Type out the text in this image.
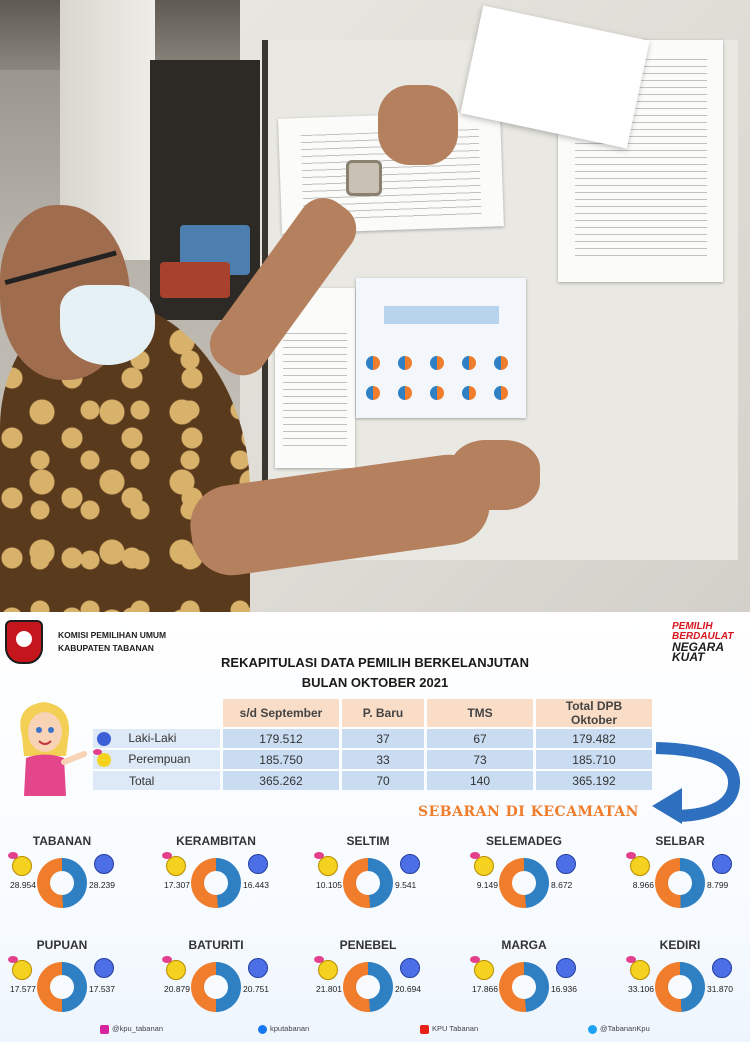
KOMISI PEMILIHAN UMUM
KABUPATEN TABANAN
PEMILIH
BERDAULAT
NEGARA
KUAT
REKAPITULASI DATA PEMILIH BERKELANJUTAN
BULAN OKTOBER 2021
	s/d September	P. Baru	TMS	Total DPB Oktober
Laki-Laki	179.512	37	67	179.482
Perempuan	185.750	33	73	185.710
Total	365.262	70	140	365.192
SEBARAN DI KECAMATAN
TABANAN
28.954	28.239
KERAMBITAN
17.307	16.443
SELTIM
10.105	9.541
SELEMADEG
9.149	8.672
SELBAR
8.966	8.799
PUPUAN
17.577	17.537
BATURITI
20.879	20.751
PENEBEL
21.801	20.694
MARGA
17.866	16.936
KEDIRI
33.106	31.870
@kpu_tabanan	kputabanan	KPU Tabanan	@TabananKpu
